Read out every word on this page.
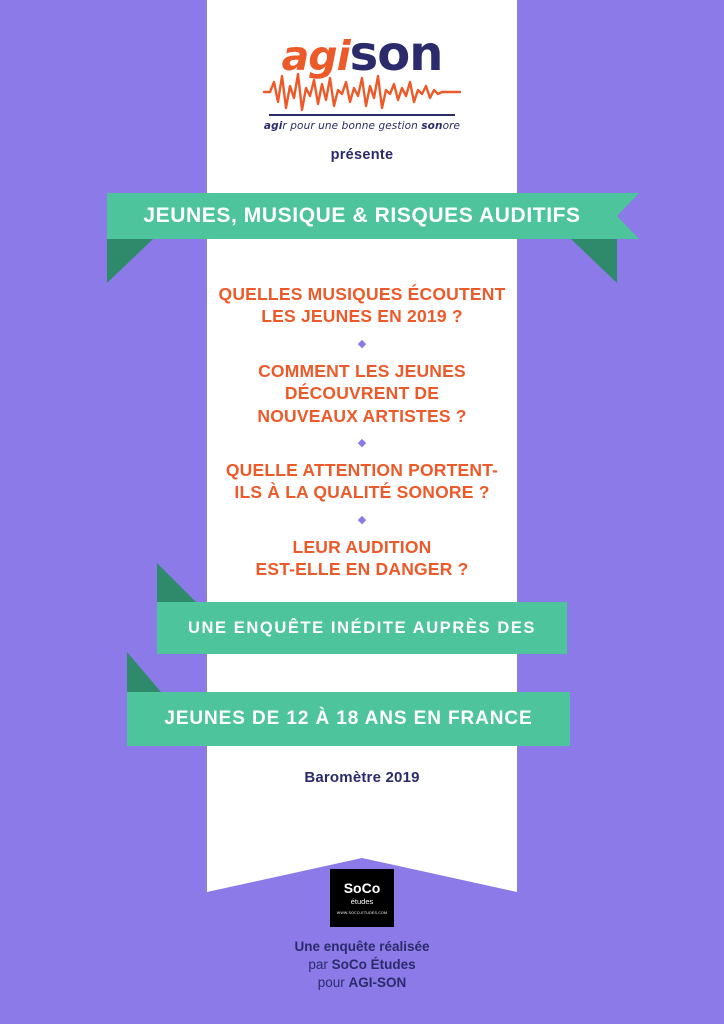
agison
agir pour une bonne gestion sonore
présente
JEUNES, MUSIQUE & RISQUES AUDITIFS
QUELLES MUSIQUES ÉCOUTENT
LES JEUNES EN 2019 ?
◆
COMMENT LES JEUNES
DÉCOUVRENT DE
NOUVEAUX ARTISTES ?
◆
QUELLE ATTENTION PORTENT-
ILS À LA QUALITÉ SONORE ?
◆
LEUR AUDITION
EST-ELLE EN DANGER ?
UNE ENQUÊTE INÉDITE AUPRÈS DES
JEUNES DE 12 À 18 ANS EN FRANCE
Baromètre 2019
SoCo
études
WWW.SOCO-ETUDES.COM
Une enquête réalisée
par SoCo Études
pour AGI-SON
